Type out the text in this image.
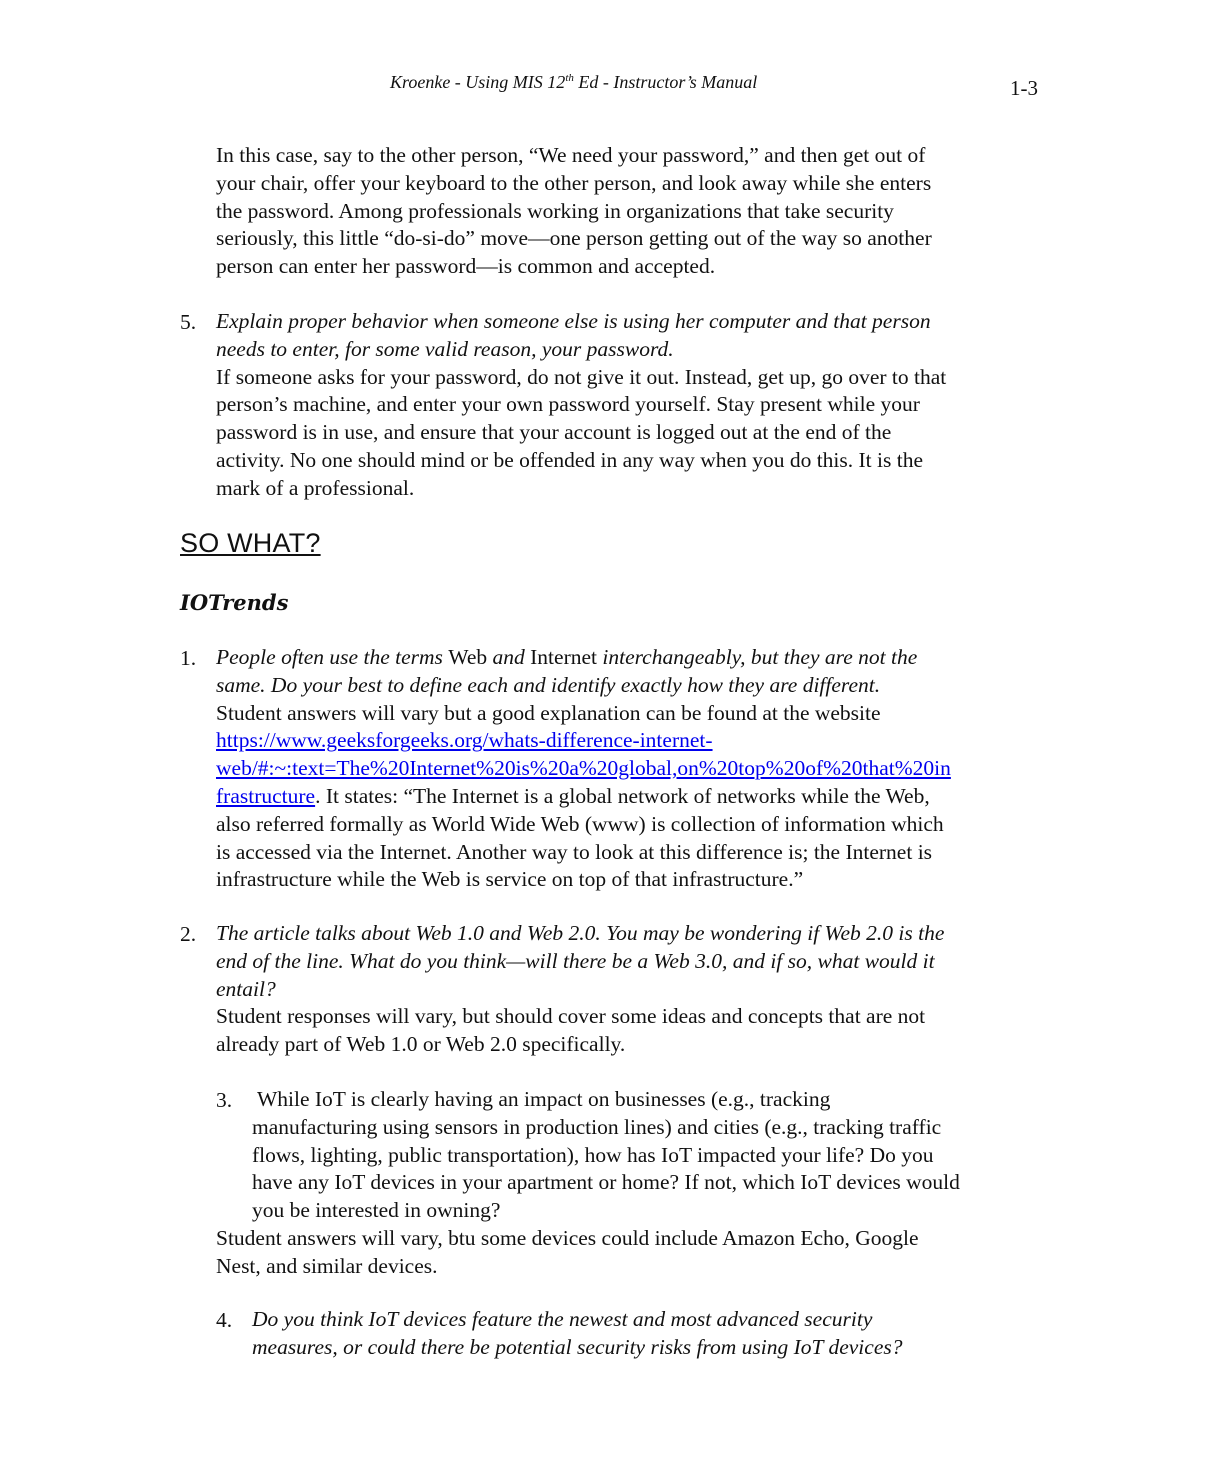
Kroenke - Using MIS 12th Ed - Instructor’s Manual	1-3
In this case, say to the other person, “We need your password,” and then get out of
your chair, offer your keyboard to the other person, and look away while she enters
the password. Among professionals working in organizations that take security
seriously, this little “do-si-do” move—one person getting out of the way so another
person can enter her password—is common and accepted.
5. Explain proper behavior when someone else is using her computer and that person
needs to enter, for some valid reason, your password.
If someone asks for your password, do not give it out. Instead, get up, go over to that
person’s machine, and enter your own password yourself. Stay present while your
password is in use, and ensure that your account is logged out at the end of the
activity. No one should mind or be offended in any way when you do this. It is the
mark of a professional.
SO WHAT?
IOTrends
1. People often use the terms Web and Internet interchangeably, but they are not the
same. Do your best to define each and identify exactly how they are different.
Student answers will vary but a good explanation can be found at the website
https://www.geeksforgeeks.org/whats-difference-internet-
web/#:~:text=The%20Internet%20is%20a%20global,on%20top%20of%20that%20in
frastructure. It states: “The Internet is a global network of networks while the Web,
also referred formally as World Wide Web (www) is collection of information which
is accessed via the Internet. Another way to look at this difference is; the Internet is
infrastructure while the Web is service on top of that infrastructure.”
2. The article talks about Web 1.0 and Web 2.0. You may be wondering if Web 2.0 is the
end of the line. What do you think—will there be a Web 3.0, and if so, what would it
entail?
Student responses will vary, but should cover some ideas and concepts that are not
already part of Web 1.0 or Web 2.0 specifically.
3. While IoT is clearly having an impact on businesses (e.g., tracking
manufacturing using sensors in production lines) and cities (e.g., tracking traffic
flows, lighting, public transportation), how has IoT impacted your life? Do you
have any IoT devices in your apartment or home? If not, which IoT devices would
you be interested in owning?
Student answers will vary, btu some devices could include Amazon Echo, Google
Nest, and similar devices.
4. Do you think IoT devices feature the newest and most advanced security
measures, or could there be potential security risks from using IoT devices?
